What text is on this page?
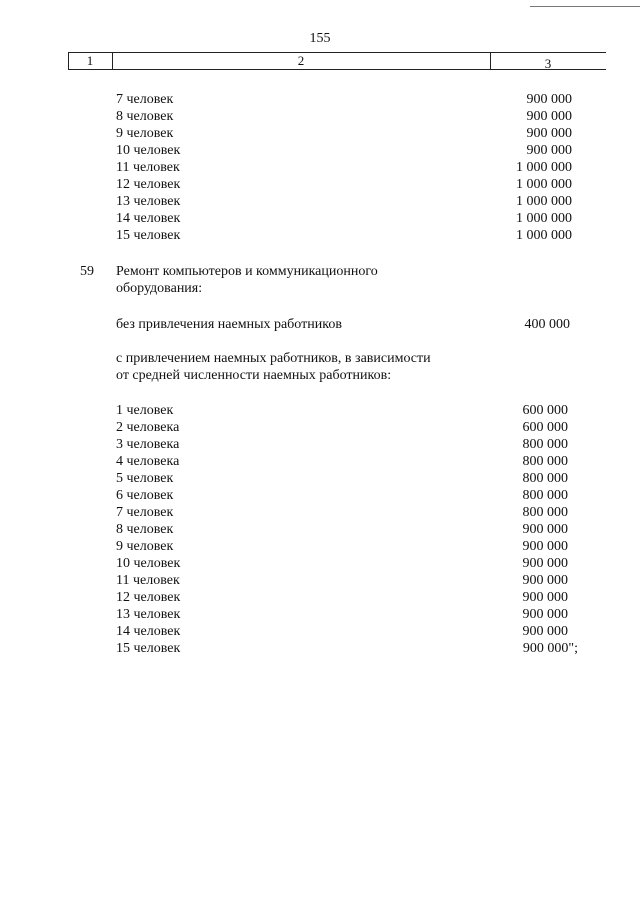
155
1	2	3
7 человек	900 000
8 человек	900 000
9 человек	900 000
10 человек	900 000
11 человек	1 000 000
12 человек	1 000 000
13 человек	1 000 000
14 человек	1 000 000
15 человек	1 000 000
59 Ремонт компьютеров и коммуникационного
оборудования:
без привлечения наемных работников	400 000
с привлечением наемных работников, в зависимости
от средней численности наемных работников:
1 человек	600 000
2 человека	600 000
3 человека	800 000
4 человека	800 000
5 человек	800 000
6 человек	800 000
7 человек	800 000
8 человек	900 000
9 человек	900 000
10 человек	900 000
11 человек	900 000
12 человек	900 000
13 человек	900 000
14 человек	900 000
15 человек	900 000";
